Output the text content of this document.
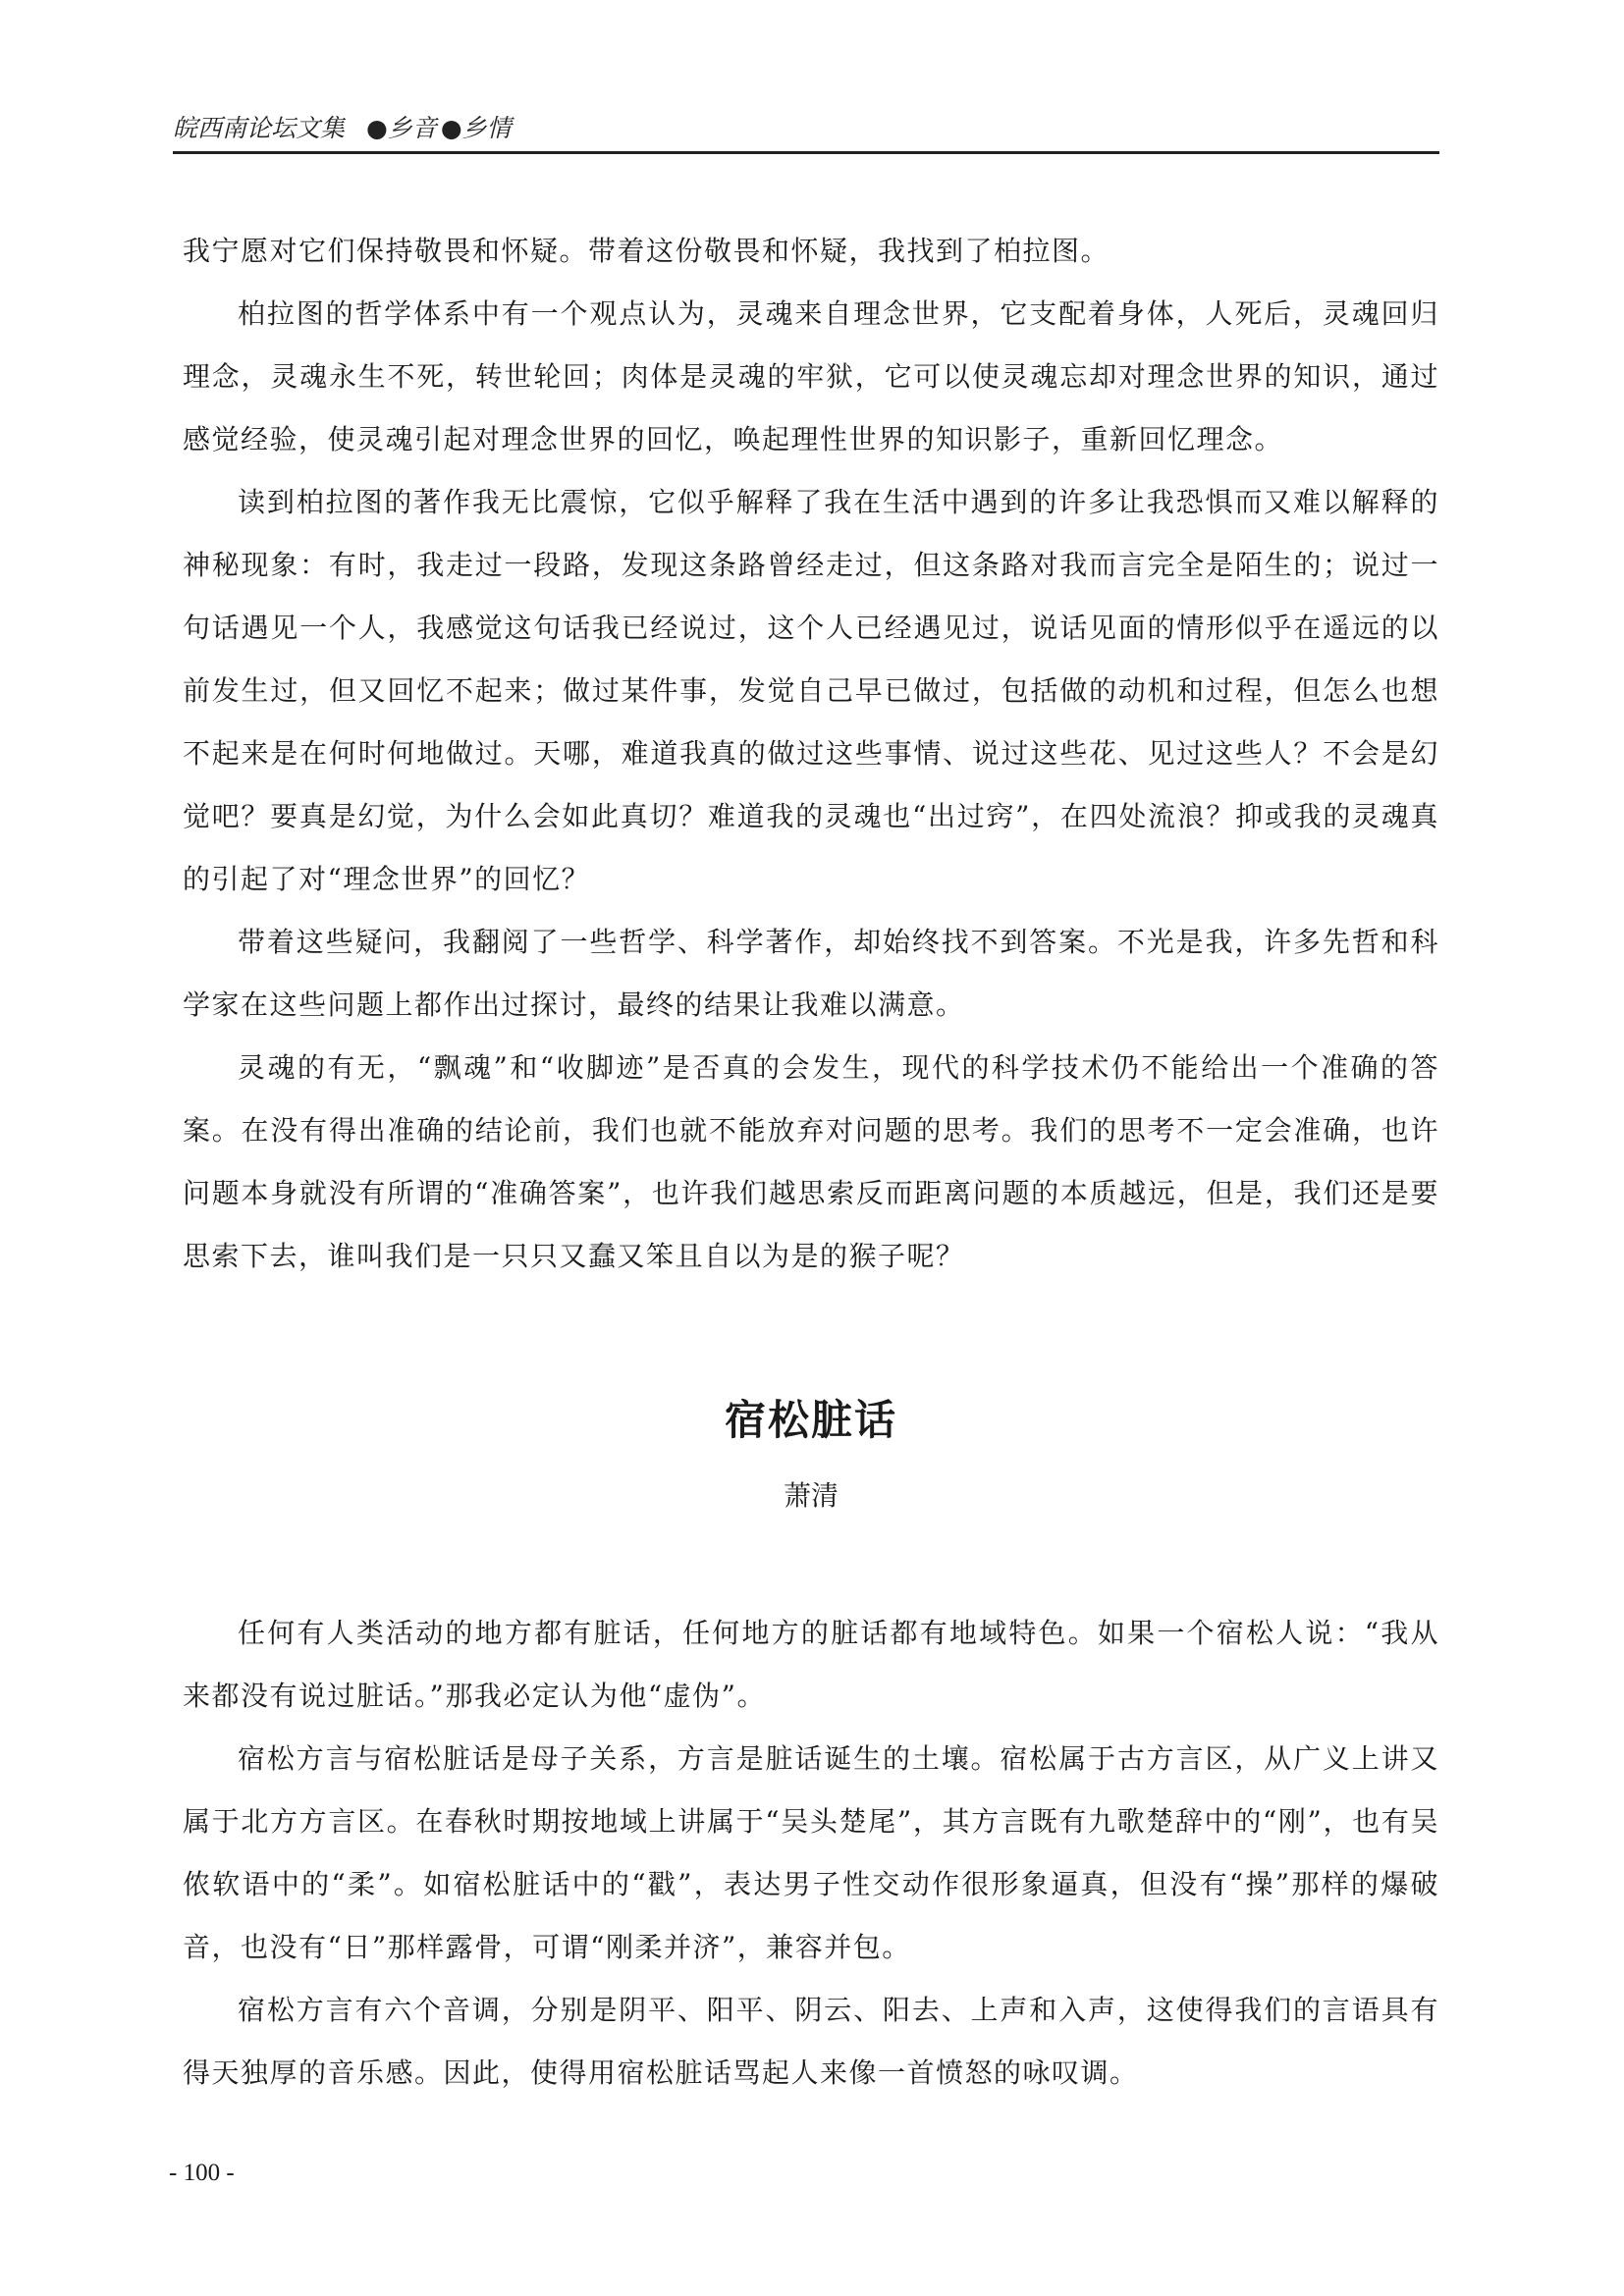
皖西南论坛文集 ●乡音 ●乡情

我宁愿对它们保持敬畏和怀疑。带着这份敬畏和怀疑，我找到了柏拉图。

柏拉图的哲学体系中有一个观点认为，灵魂来自理念世界，它支配着身体，人死后，灵魂回归理念，灵魂永生不死，转世轮回；肉体是灵魂的牢狱，它可以使灵魂忘却对理念世界的知识，通过感觉经验，使灵魂引起对理念世界的回忆，唤起理性世界的知识影子，重新回忆理念。

读到柏拉图的著作我无比震惊，它似乎解释了我在生活中遇到的许多让我恐惧而又难以解释的神秘现象：有时，我走过一段路，发现这条路曾经走过，但这条路对我而言完全是陌生的；说过一句话遇见一个人，我感觉这句话我已经说过，这个人已经遇见过，说话见面的情形似乎在遥远的以前发生过，但又回忆不起来；做过某件事，发觉自己早已做过，包括做的动机和过程，但怎么也想不起来是在何时何地做过。天哪，难道我真的做过这些事情、说过这些花、见过这些人？不会是幻觉吧？要真是幻觉，为什么会如此真切？难道我的灵魂也“出过窍”，在四处流浪？抑或我的灵魂真的引起了对“理念世界”的回忆？

带着这些疑问，我翻阅了一些哲学、科学著作，却始终找不到答案。不光是我，许多先哲和科学家在这些问题上都作出过探讨，最终的结果让我难以满意。

灵魂的有无，“飘魂”和“收脚迹”是否真的会发生，现代的科学技术仍不能给出一个准确的答案。在没有得出准确的结论前，我们也就不能放弃对问题的思考。我们的思考不一定会准确，也许问题本身就没有所谓的“准确答案”，也许我们越思索反而距离问题的本质越远，但是，我们还是要思索下去，谁叫我们是一只只又蠢又笨且自以为是的猴子呢？

宿松脏话
萧清

任何有人类活动的地方都有脏话，任何地方的脏话都有地域特色。如果一个宿松人说：“我从来都没有说过脏话。”那我必定认为他“虚伪”。

宿松方言与宿松脏话是母子关系，方言是脏话诞生的土壤。宿松属于古方言区，从广义上讲又属于北方方言区。在春秋时期按地域上讲属于“吴头楚尾”，其方言既有九歌楚辞中的“刚”，也有吴侬软语中的“柔”。如宿松脏话中的“戳”，表达男子性交动作很形象逼真，但没有“操”那样的爆破音，也没有“日”那样露骨，可谓“刚柔并济”，兼容并包。

宿松方言有六个音调，分别是阴平、阳平、阴云、阳去、上声和入声，这使得我们的言语具有得天独厚的音乐感。因此，使得用宿松脏话骂起人来像一首愤怒的咏叹调。

- 100 -
